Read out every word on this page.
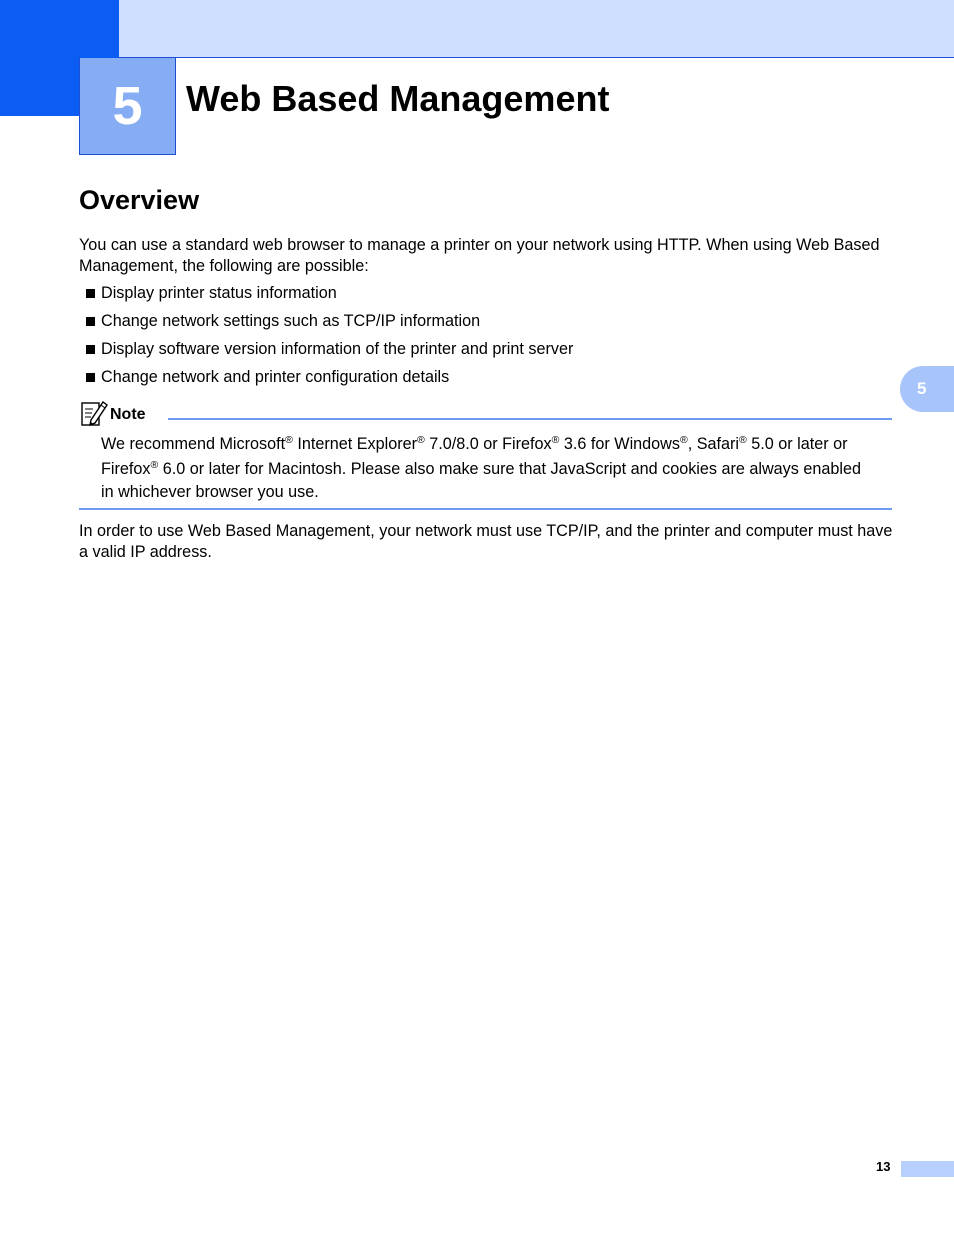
5 Web Based Management
Overview

You can use a standard web browser to manage a printer on your network using HTTP. When using Web Based Management, the following are possible:

Display printer status information
Change network settings such as TCP/IP information
Display software version information of the printer and print server
Change network and printer configuration details
5
Note

We recommend Microsoft® Internet Explorer® 7.0/8.0 or Firefox® 3.6 for Windows®, Safari® 5.0 or later or
Firefox® 6.0 or later for Macintosh. Please also make sure that JavaScript and cookies are always enabled
in whichever browser you use.

In order to use Web Based Management, your network must use TCP/IP, and the printer and computer must have a valid IP address.

13
